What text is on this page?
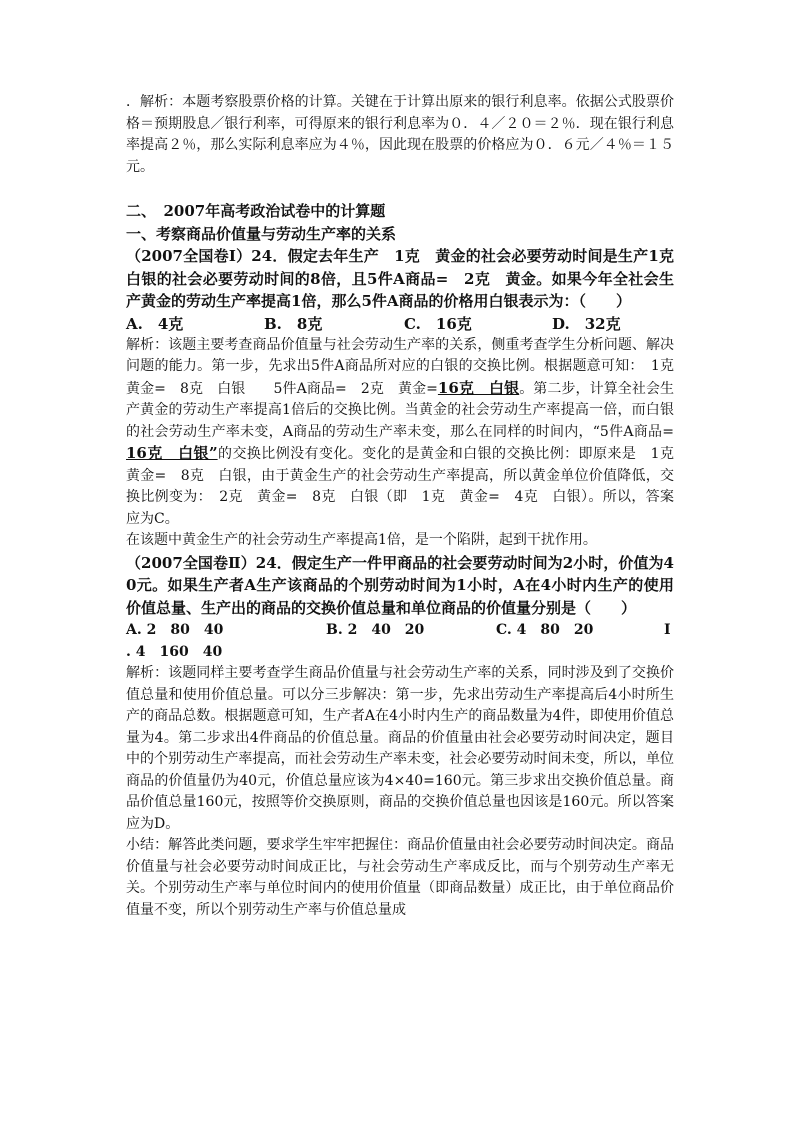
．解析：本题考察股票价格的计算。关键在于计算出原来的银行利息率。依据公式股票价格＝预期股息／银行利率，可得原来的银行利息率为０．４／２０＝２％．现在银行利息率提高２％，那么实际利息率应为４％，因此现在股票的价格应为０．６元／４％＝１５元。

二、　2007年高考政治试卷中的计算题

一、考察商品价值量与劳动生产率的关系

（2007全国卷Ⅰ）24．假定去年生产　1克　黄金的社会必要劳动时间是生产1克　白银的社会必要劳动时间的8倍，且5件A商品=　2克　黄金。如果今年全社会生产黄金的劳动生产率提高1倍，那么5件A商品的价格用白银表示为：（　　）

A.　4克	B.　8克	C.　16克	D.　32克

解析：该题主要考查商品价值量与社会劳动生产率的关系，侧重考查学生分析问题、解决问题的能力。第一步，先求出5件A商品所对应的白银的交换比例。根据题意可知：　1克　黄金=　8克　白银　　5件A商品=　2克　黄金=16克　白银。第二步，计算全社会生产黄金的劳动生产率提高1倍后的交换比例。当黄金的社会劳动生产率提高一倍，而白银的社会劳动生产率未变，A商品的劳动生产率未变，那么在同样的时间内，“5件A商品=16克　白银”的交换比例没有变化。变化的是黄金和白银的交换比例：即原来是　1克　黄金=　8克　白银，由于黄金生产的社会劳动生产率提高，所以黄金单位价值降低，交换比例变为：　2克　黄金=　8克　白银（即　1克　黄金=　4克　白银）。所以，答案应为C。

在该题中黄金生产的社会劳动生产率提高1倍，是一个陷阱，起到干扰作用。

（2007全国卷Ⅱ）24．假定生产一件甲商品的社会要劳动时间为2小时，价值为40元。如果生产者A生产该商品的个别劳动时间为1小时，A在4小时内生产的使用价值总量、生产出的商品的交换价值总量和单位商品的价值量分别是（　　）

A. 2　80　40	B. 2　40　20	C. 4　80　20	I
. 4　160　40

解析：该题同样主要考查学生商品价值量与社会劳动生产率的关系，同时涉及到了交换价值总量和使用价值总量。可以分三步解决：第一步，先求出劳动生产率提高后4小时所生产的商品总数。根据题意可知，生产者A在4小时内生产的商品数量为4件，即使用价值总量为4。第二步求出4件商品的价值总量。商品的价值量由社会必要劳动时间决定，题目中的个别劳动生产率提高，而社会劳动生产率未变，社会必要劳动时间未变，所以，单位商品的价值量仍为40元，价值总量应该为4×40=160元。第三步求出交换价值总量。商品价值总量160元，按照等价交换原则，商品的交换价值总量也因该是160元。所以答案应为D。

小结：解答此类问题，要求学生牢牢把握住：商品价值量由社会必要劳动时间决定。商品价值量与社会必要劳动时间成正比，与社会劳动生产率成反比，而与个别劳动生产率无关。个别劳动生产率与单位时间内的使用价值量（即商品数量）成正比，由于单位商品价值量不变，所以个别劳动生产率与价值总量成
